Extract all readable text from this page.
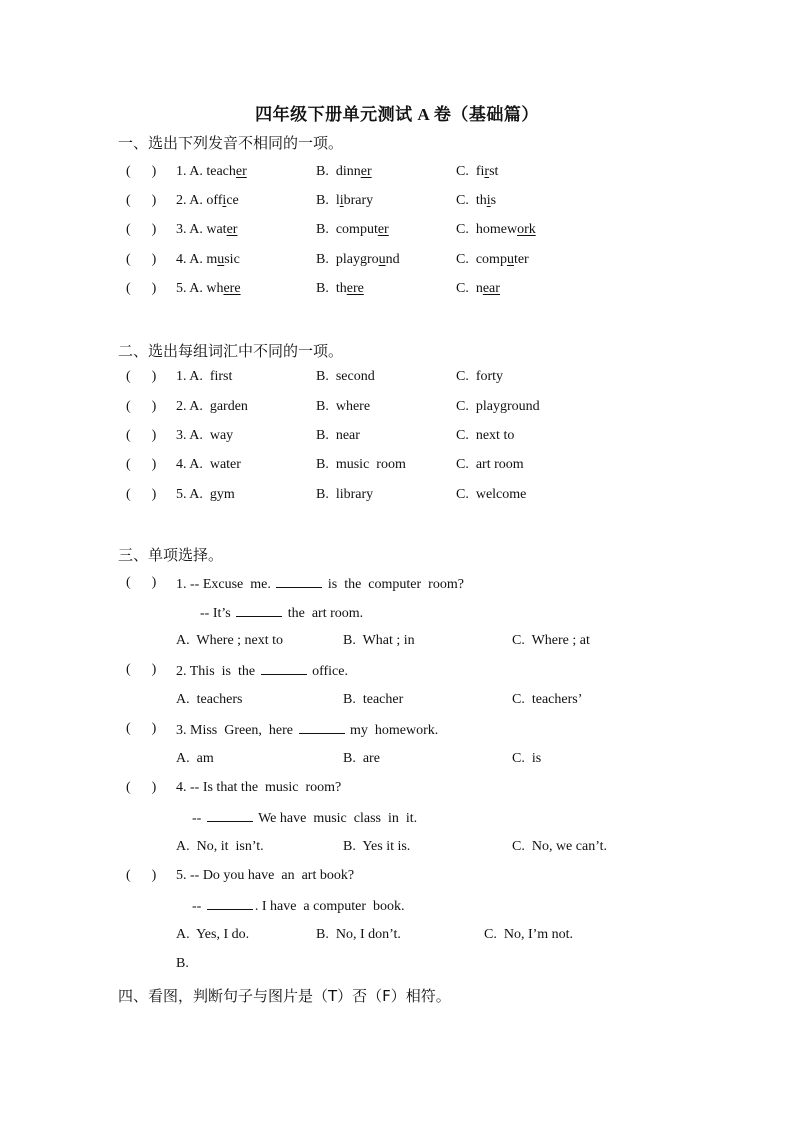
四年级下册单元测试 A 卷（基础篇）
一、选出下列发音不相同的一项。
(      )	1. A. teacher	B.  dinner	C.  first
(      )	2. A. office	B.  library	C.  this
(      )	3. A. water	B.  computer	C.  homework
(      )	4. A. music	B.  playground	C.  computer
(      )	5. A. where	B.  there	C.  near
二、选出每组词汇中不同的一项。
(      )	1. A.  first	B.  second	C.  forty
(      )	2. A.  garden	B.  where	C.  playground
(      )	3. A.  way	B.  near	C.  next to
(      )	4. A.  water	B.  music  room	C.  art room
(      )	5. A.  gym	B.  library	C.  welcome
三、单项选择。
(      )	1. -- Excuse  me.	is  the  computer  room?
-- It’s	the  art room.
A.  Where ; next to	B.  What ; in	C.  Where ; at
(      )	2. This  is  the	office.
A.  teachers	B.  teacher	C.  teachers’
(      )	3. Miss  Green,  here	my  homework.
A.  am	B.  are	C.  is
(      )	4. -- Is that the  music  room?
--	We have  music  class  in  it.
A.  No, it  isn’t.	B.  Yes it is.	C.  No, we can’t.
(      )	5. -- Do you have  an  art book?
--	. I have  a computer  book.
A.  Yes, I do.	B.  No, I don’t.	C.  No, I’m not.
B.
四、看图，判断句子与图片是（T）否（F）相符。
